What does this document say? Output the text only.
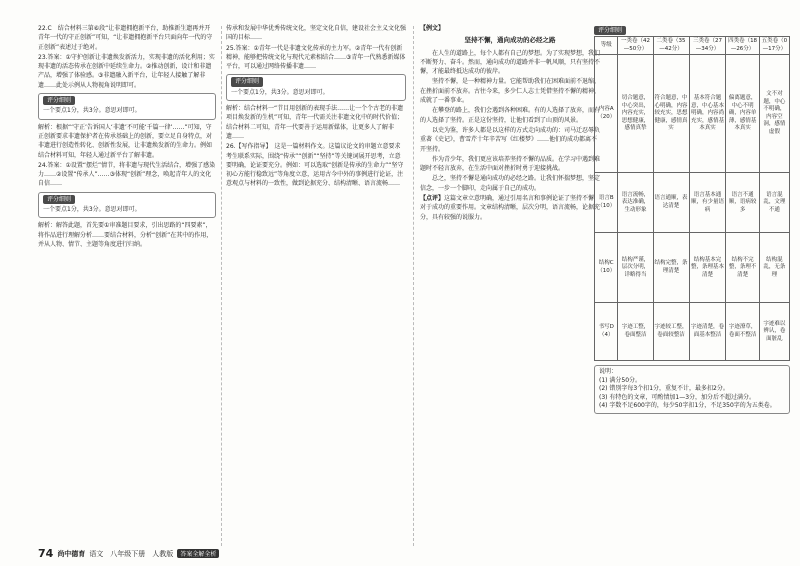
22.C　结合材料三第⑥段“让非遗拥抱新平台，助推新生遗再并开青年一代的守正创新”可知，“让非遗拥抱新平台只面向年一代的守正创新”表述过于绝对。

23.答案：①守护创新让非遗焕发新活力，实现非遗的活化利用；实现非遗的活态传承在创新中延续生命力。②推动创新，设计和非遗产品，增强了体验感。③非遗融入新平台，让年轻人接触了解非遗……此处示例从人物视角说明即可。

评分细则

一个要点1分，共3分。意思对即可。

解析：根据“‘守正’告诉国人‘非遗’不可能‘千篇一律’……”可知，守正创新要求非遗保护者在传承基础上的创新，要立足自身特点，对非遗进行创造性转化、创新性发展，让非遗焕发新的生命力。例如结合材料可知，年轻人通过新平台了解非遗。

24.答案：①设置“摆烂”情节，将非遗与现代生活结合，增强了感染力……②设置“传承人”……③体现“创新”理念，唤起青年人的文化自信……

评分细则

一个要点1分，共3分。意思对即可。

解析：解答此题，首先要①审准题目要求，引出思路的“四要素”，将作品进行理解分析……要结合材料，分析“创新”在其中的作用，并从人物、情节、主题等角度进行归纳。

传承和发展中华优秀传统文化，坚定文化自信，建设社会主义文化强国的目标……

25.答案：①青年一代是非遗文化传承的主力军。②青年一代有创新精神，能够把传统文化与现代元素相结合……③青年一代熟悉新媒体平台，可以通过网络传播非遗……

评分细则

一个要点1分，共3分。意思对即可。

解析：结合材料一“节目用创新的表现手法……让一个个古老的非遗项目焕发新的生机”可知，青年一代需关注非遗文化中的时代价值；结合材料二可知，青年一代要善于运用新媒体，让更多人了解非遗……

26.【写作指导】　这是一篇材料作文。这篇议论文的审题立意要求考生联系实际，围绕“传承”“创新”“坚持”等关键词展开思考，立意要明确，论证要充分。例如：可以选取“创新是传承的生命力”“坚守初心方能行稳致远”等角度立意，运用古今中外的事例进行论证，注意观点与材料的一致性，做到论据充分、结构清晰、语言流畅……

【例文】

坚持不懈，通向成功的必经之路

在人生的道路上，每个人都有自己的梦想。为了实现梦想，我们不断努力、奋斗。然而，通向成功的道路并非一帆风顺，只有坚持不懈，才能最终抵达成功的彼岸。

坚持不懈，是一种精神力量。它能帮助我们在困难面前不退缩，在挫折面前不放弃。古往今来，多少仁人志士凭借坚持不懈的精神，成就了一番事业。

在攀登的路上，我们会遇到各种困难。有的人选择了放弃，而有的人选择了坚持。正是这份坚持，让他们看到了山顶的风景。

以史为鉴，许多人都是以这样的方式走向成功的：司马迁忍辱负重著《史记》，曹雪芹十年辛苦写《红楼梦》……他们的成功都离不开坚持。

作为青少年，我们更应该培养坚持不懈的品质。在学习中遇到难题时不轻言放弃，在生活中面对挫折时勇于迎接挑战。

总之，坚持不懈是通向成功的必经之路。让我们怀揣梦想，坚定信念，一步一个脚印，走向属于自己的成功。

【点评】这篇文章立意明确，通过引用名言和事例论证了坚持不懈对于成功的重要作用。文章结构清晰，层次分明，语言流畅，论据充分，具有较强的说服力。

评分细则
等级	一类卷（42—50分）	二类卷（35—42分）	三类卷（27—34分）	四类卷（18—26分）	五类卷（0—17分）
内容A（20）	切合题意，中心突出，内容充实，思想健康，感情真挚	符合题意，中心明确，内容较充实，思想健康，感情真实	基本符合题意，中心基本明确，内容尚充实，感情基本真实	偏离题意，中心不明确，内容单薄，感情基本真实	文不对题，中心不明确，内容空洞，感情虚假
语言B（10）	语言流畅，表达准确，生动形象	语言通顺，表达清楚	语言基本通顺，有少量语病	语言不通顺，语病较多	语言混乱，文理不通
结构C（10）	结构严谨，层次分明，详略得当	结构完整，条理清楚	结构基本完整，条理基本清楚	结构不完整，条理不清楚	结构混乱，无条理
书写D（4）	字迹工整，卷面整洁	字迹较工整，卷面较整洁	字迹清楚，卷面基本整洁	字迹潦草，卷面不整洁	字迹难以辨认，卷面脏乱
说明：
(1) 满分50分。
(2) 错别字每3个扣1分，重复不计，最多扣2分。
(3) 有特色的文章，可酌情加1—3分，加分后不超过满分。
(4) 字数不足600字的，每少50字扣1分，不足350字的为五类卷。
74 尚中德育 语文　八年级下册　人教版	答案全解全析
